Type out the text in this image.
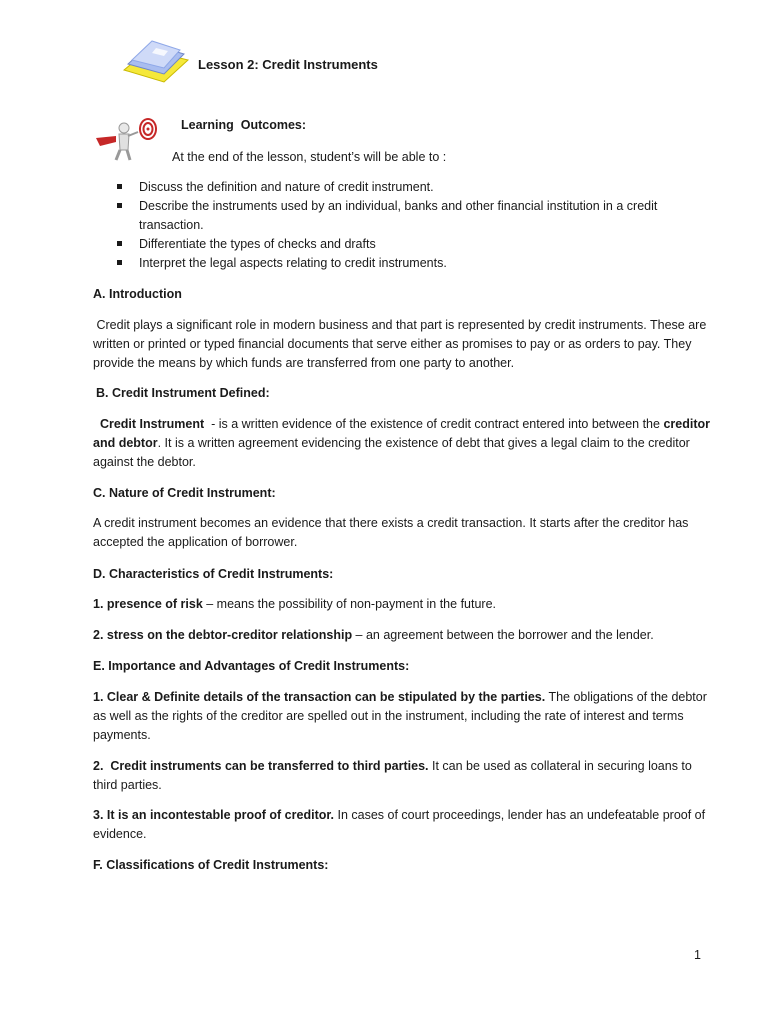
Lesson 2: Credit Instruments
Learning  Outcomes:
At the end of the lesson, student’s will be able to :
Discuss the definition and nature of credit instrument.
Describe the instruments used by an individual, banks and other financial institution in a credit transaction.
Differentiate the types of checks and drafts
Interpret the legal aspects relating to credit instruments.
A. Introduction
Credit plays a significant role in modern business and that part is represented by credit instruments. These are written or printed or typed financial documents that serve either as promises to pay or as orders to pay. They provide the means by which funds are transferred from one party to another.
B. Credit Instrument Defined:
Credit Instrument  - is a written evidence of the existence of credit contract entered into between the creditor and debtor. It is a written agreement evidencing the existence of debt that gives a legal claim to the creditor against the debtor.
C. Nature of Credit Instrument:
A credit instrument becomes an evidence that there exists a credit transaction. It starts after the creditor has accepted the application of borrower.
D. Characteristics of Credit Instruments:
1. presence of risk – means the possibility of non-payment in the future.
2. stress on the debtor-creditor relationship – an agreement between the borrower and the lender.
E. Importance and Advantages of Credit Instruments:
1. Clear & Definite details of the transaction can be stipulated by the parties. The obligations of the debtor as well as the rights of the creditor are spelled out in the instrument, including the rate of interest and terms payments.
2.  Credit instruments can be transferred to third parties. It can be used as collateral in securing loans to third parties.
3. It is an incontestable proof of creditor. In cases of court proceedings, lender has an undefeatable proof of evidence.
F. Classifications of Credit Instruments:
1
